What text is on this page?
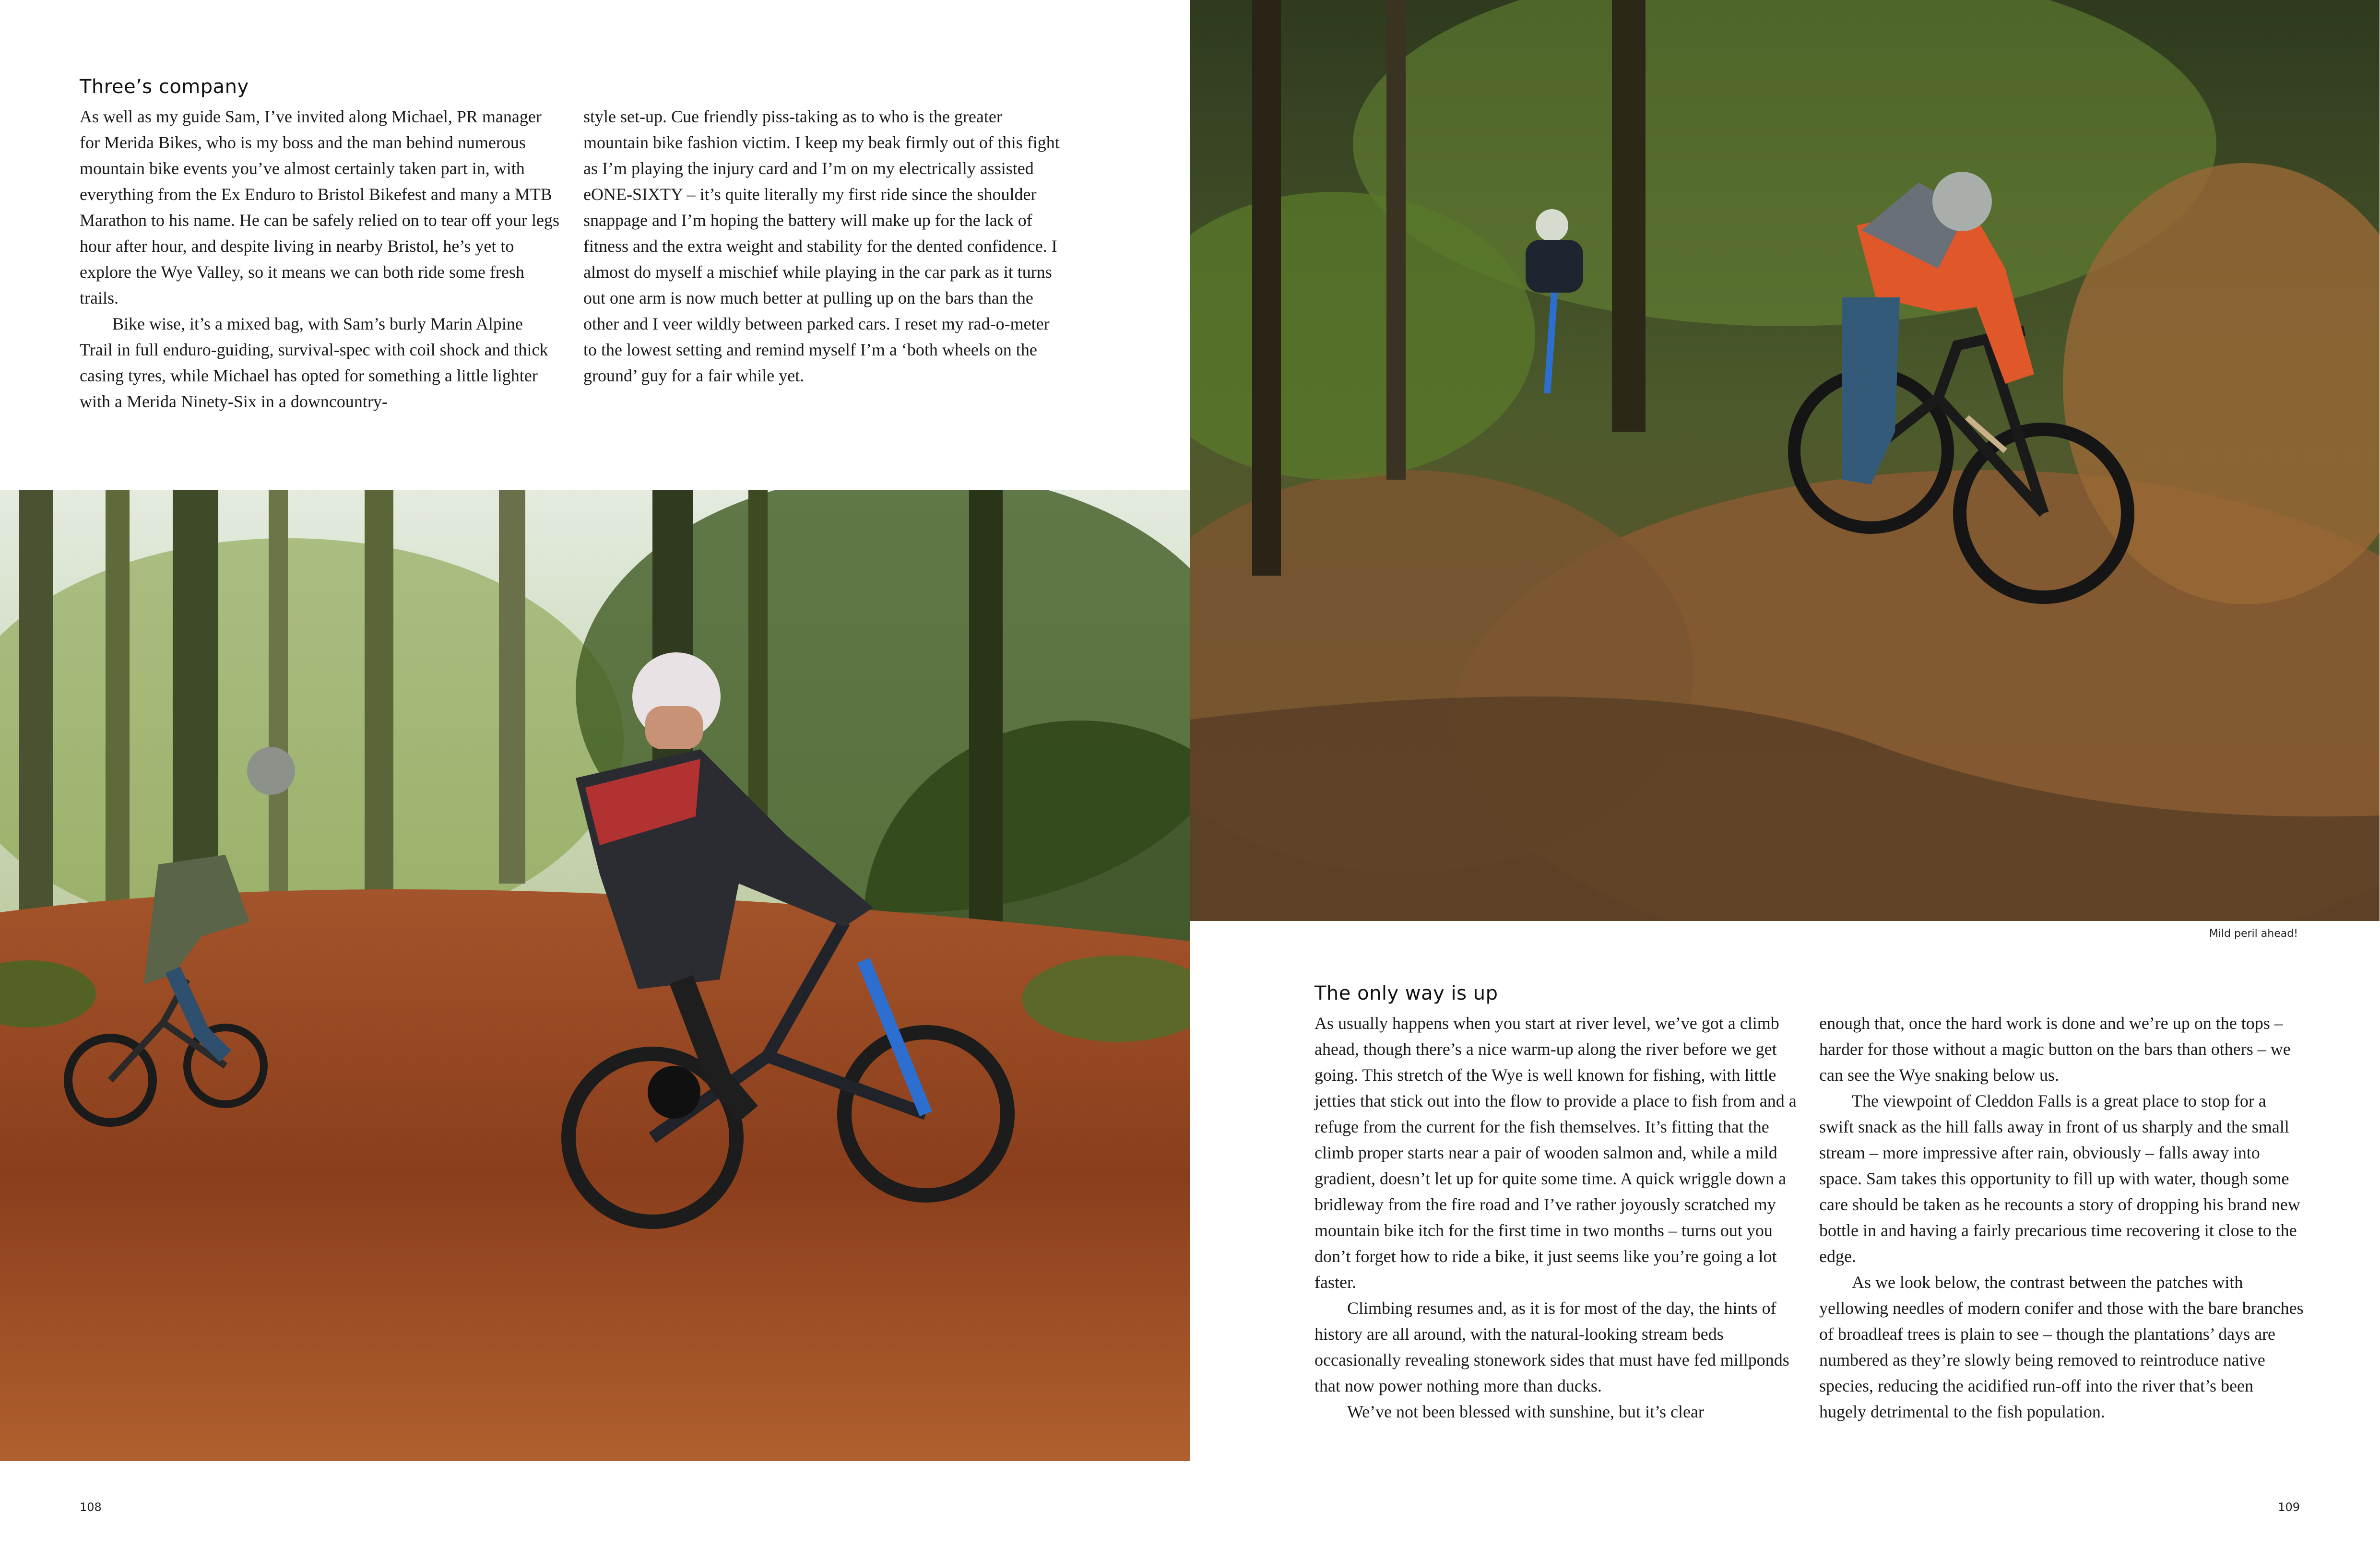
Three’s company

As well as my guide Sam, I’ve invited along Michael, PR manager for Merida Bikes, who is my boss and the man behind numerous mountain bike events you’ve almost certainly taken part in, with everything from the Ex Enduro to Bristol Bikefest and many a MTB Marathon to his name. He can be safely relied on to tear off your legs hour after hour, and despite living in nearby Bristol, he’s yet to explore the Wye Valley, so it means we can both ride some fresh trails.

Bike wise, it’s a mixed bag, with Sam’s burly Marin Alpine Trail in full enduro-guiding, survival-spec with coil shock and thick casing tyres, while Michael has opted for something a little lighter with a Merida Ninety-Six in a downcountry-

style set-up. Cue friendly piss-taking as to who is the greater mountain bike fashion victim. I keep my beak firmly out of this fight as I’m playing the injury card and I’m on my electrically assisted eONE-SIXTY – it’s quite literally my first ride since the shoulder snappage and I’m hoping the battery will make up for the lack of fitness and the extra weight and stability for the dented confidence. I almost do myself a mischief while playing in the car park as it turns out one arm is now much better at pulling up on the bars than the other and I veer wildly between parked cars. I reset my rad-o-meter to the lowest setting and remind myself I’m a ‘both wheels on the ground’ guy for a fair while yet.

108
Mild peril ahead!
The only way is up

As usually happens when you start at river level, we’ve got a climb ahead, though there’s a nice warm-up along the river before we get going. This stretch of the Wye is well known for fishing, with little jetties that stick out into the flow to provide a place to fish from and a refuge from the current for the fish themselves. It’s fitting that the climb proper starts near a pair of wooden salmon and, while a mild gradient, doesn’t let up for quite some time. A quick wriggle down a bridleway from the fire road and I’ve rather joyously scratched my mountain bike itch for the first time in two months – turns out you don’t forget how to ride a bike, it just seems like you’re going a lot faster.

Climbing resumes and, as it is for most of the day, the hints of history are all around, with the natural-looking stream beds occasionally revealing stonework sides that must have fed millponds that now power nothing more than ducks.

We’ve not been blessed with sunshine, but it’s clear

enough that, once the hard work is done and we’re up on the tops – harder for those without a magic button on the bars than others – we can see the Wye snaking below us.

The viewpoint of Cleddon Falls is a great place to stop for a swift snack as the hill falls away in front of us sharply and the small stream – more impressive after rain, obviously – falls away into space. Sam takes this opportunity to fill up with water, though some care should be taken as he recounts a story of dropping his brand new bottle in and having a fairly precarious time recovering it close to the edge.

As we look below, the contrast between the patches with yellowing needles of modern conifer and those with the bare branches of broadleaf trees is plain to see – though the plantations’ days are numbered as they’re slowly being removed to reintroduce native species, reducing the acidified run-off into the river that’s been hugely detrimental to the fish population.

109
